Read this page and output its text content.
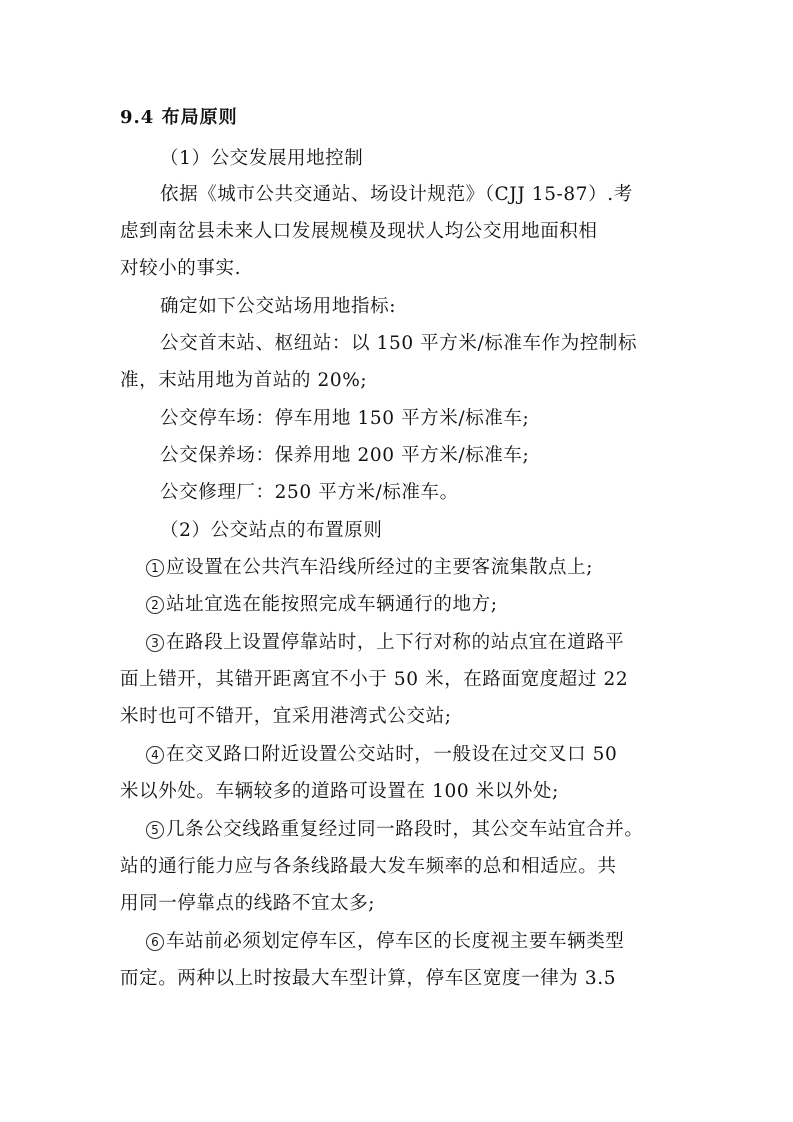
9.4 布局原则
（1）公交发展用地控制
依据《城市公共交通站、场设计规范》（CJJ 15-87）.考
虑到南岔县未来人口发展规模及现状人均公交用地面积相
对较小的事实.
确定如下公交站场用地指标:
公交首末站、枢纽站：以 150 平方米/标准车作为控制标
准，末站用地为首站的 20%;
公交停车场：停车用地 150 平方米/标准车;
公交保养场：保养用地 200 平方米/标准车;
公交修理厂：250 平方米/标准车。
（2）公交站点的布置原则
1 应设置在公共汽车沿线所经过的主要客流集散点上;
2 站址宜选在能按照完成车辆通行的地方;
3 在路段上设置停靠站时，上下行对称的站点宜在道路平
面上错开，其错开距离宜不小于 50 米，在路面宽度超过 22
米时也可不错开，宜采用港湾式公交站;
4 在交叉路口附近设置公交站时，一般设在过交叉口 50
米以外处。车辆较多的道路可设置在 100 米以外处;
5 几条公交线路重复经过同一路段时，其公交车站宜合并。
站的通行能力应与各条线路最大发车频率的总和相适应。共
用同一停靠点的线路不宜太多;
6 车站前必须划定停车区，停车区的长度视主要车辆类型
而定。两种以上时按最大车型计算，停车区宽度一律为 3.5
